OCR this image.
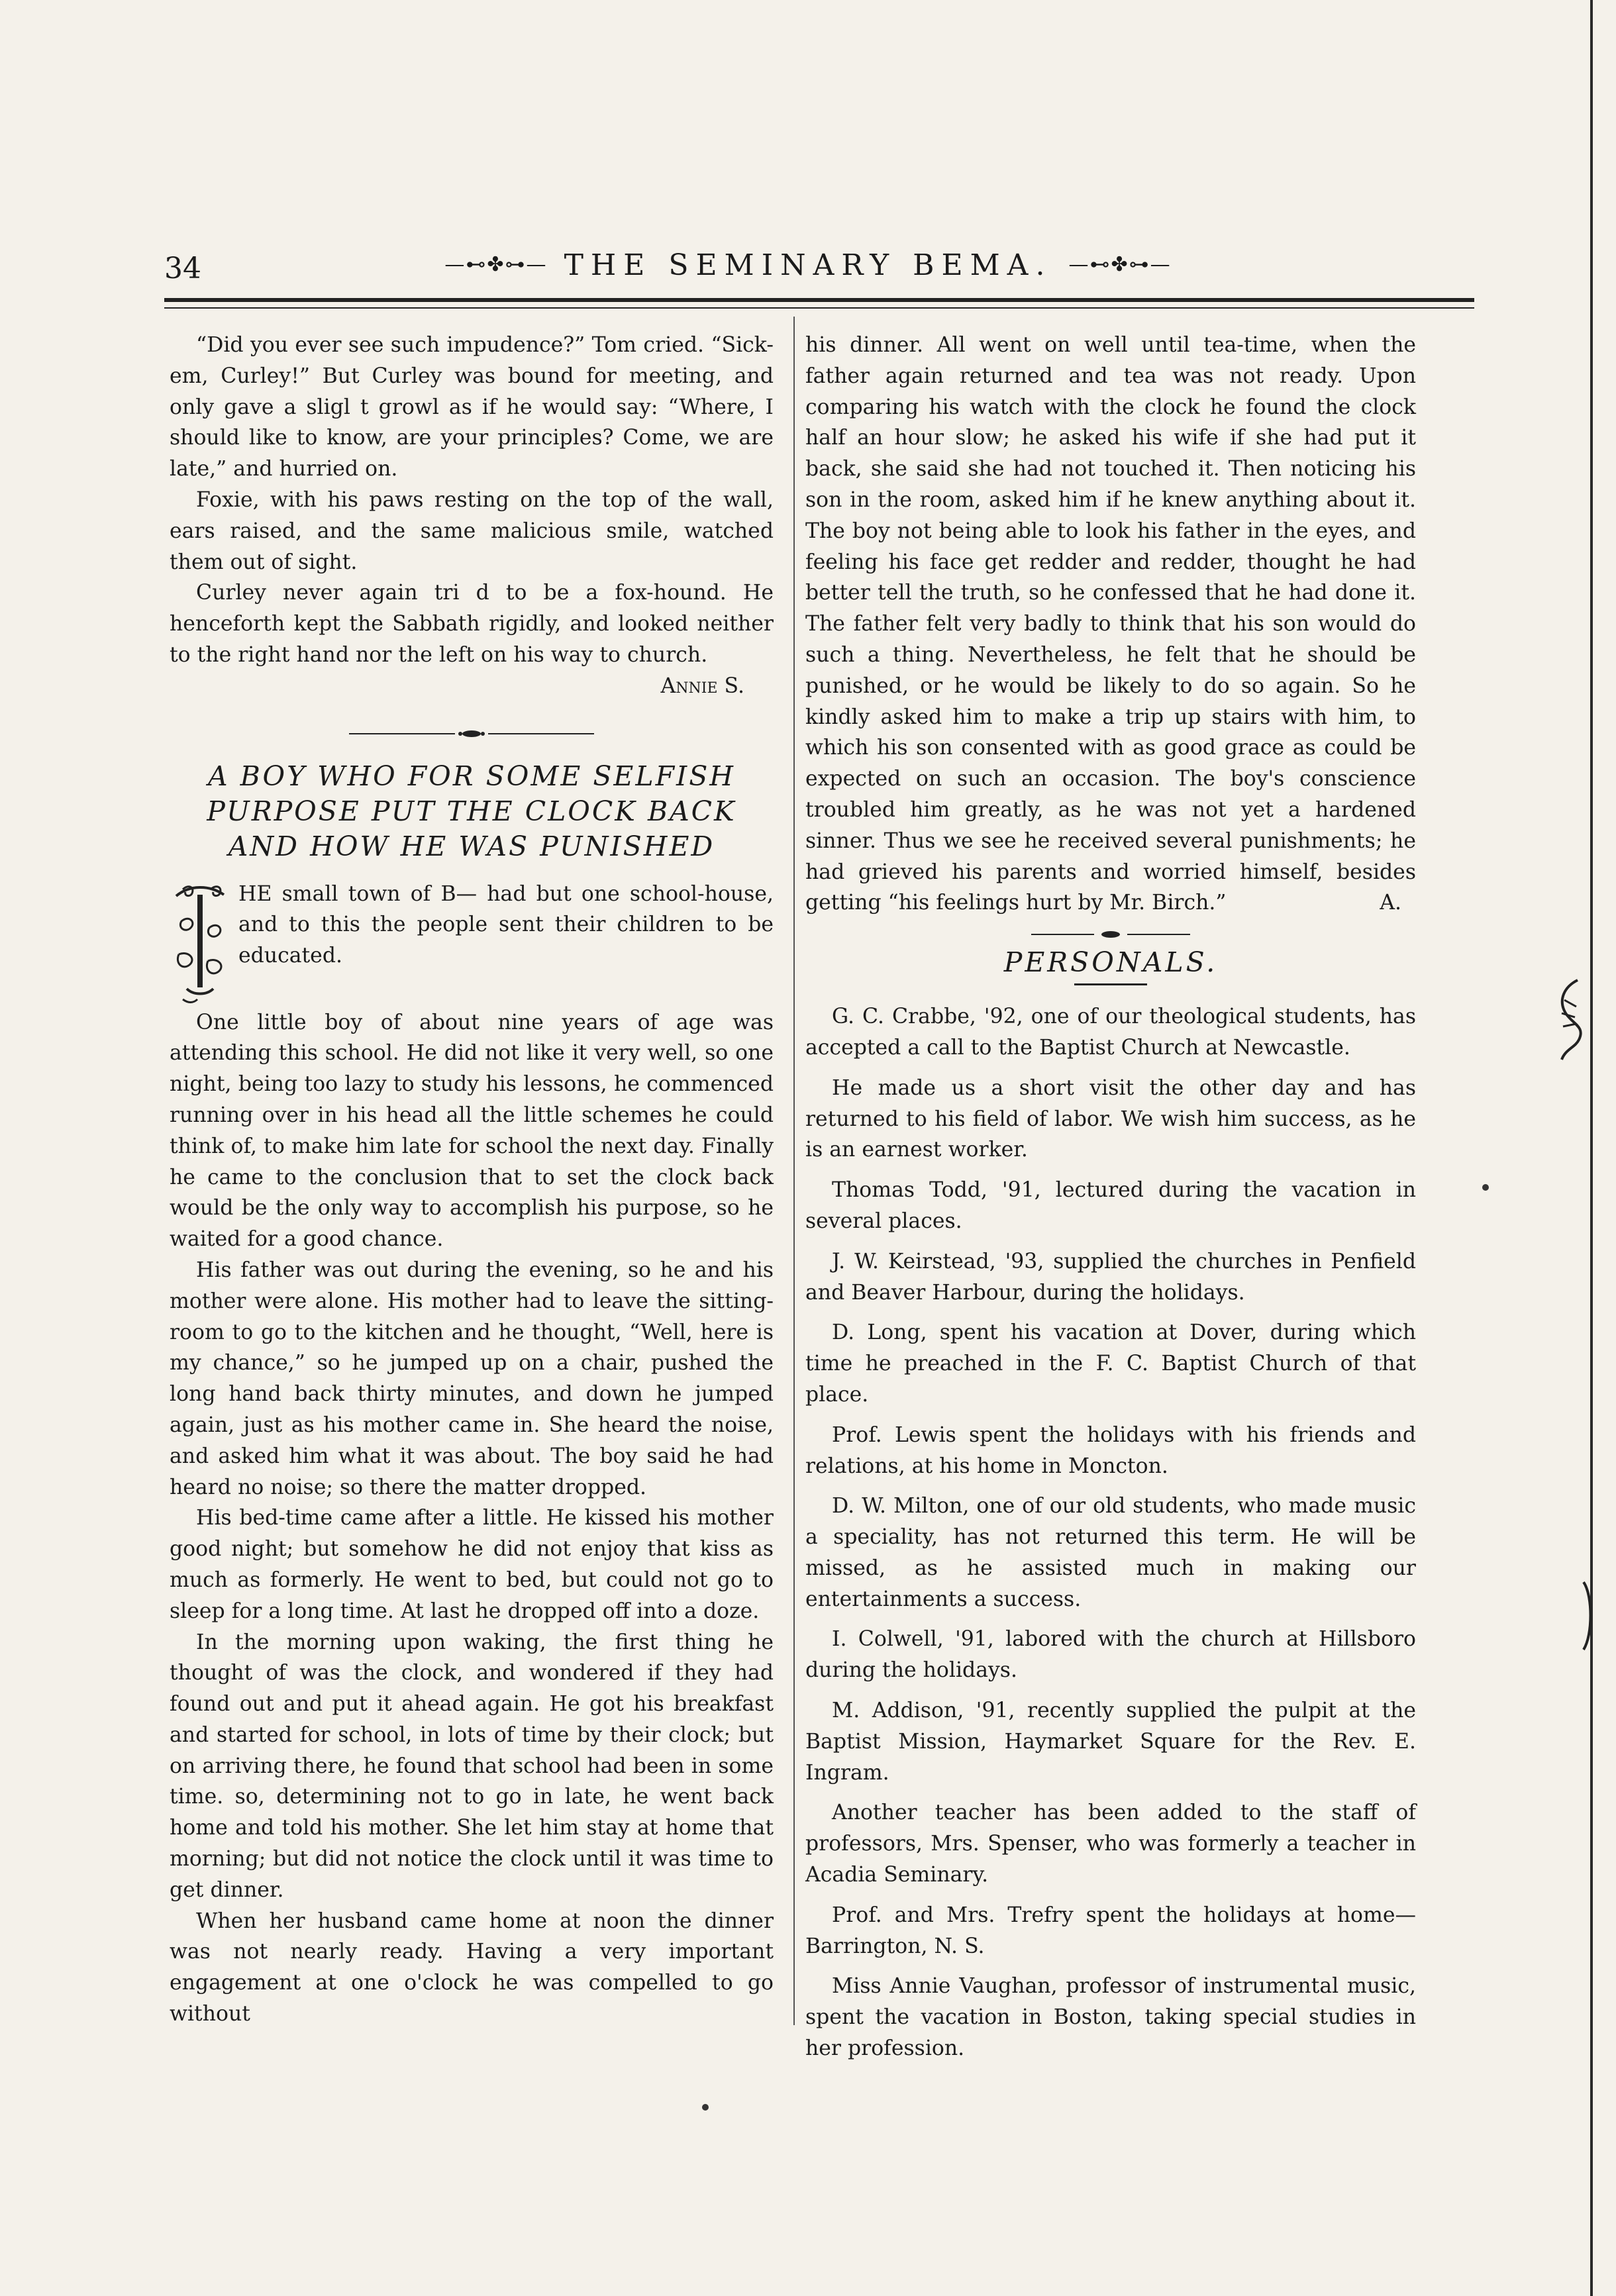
34	—⊷✤⊶— THE SEMINARY BEMA. —⊷✤⊶—

“Did you ever see such impudence?” Tom cried. “Sick-em, Curley!” But Curley was bound for meeting, and only gave a sligl t growl as if he would say: “Where, I should like to know, are your principles? Come, we are late,” and hurried on.

Foxie, with his paws resting on the top of the wall, ears raised, and the same malicious smile, watched them out of sight.

Curley never again tri d to be a fox-hound. He henceforth kept the Sabbath rigidly, and looked neither to the right hand nor the left on his way to church.

Annie S.

A BOY WHO FOR SOME SELFISH PURPOSE PUT THE CLOCK BACK AND HOW HE WAS PUNISHED

HE small town of B— had but one school-house, and to this the people sent their children to be educated.

One little boy of about nine years of age was attending this school. He did not like it very well, so one night, being too lazy to study his lessons, he commenced running over in his head all the little schemes he could think of, to make him late for school the next day. Finally he came to the conclusion that to set the clock back would be the only way to accomplish his purpose, so he waited for a good chance.

His father was out during the evening, so he and his mother were alone. His mother had to leave the sitting-room to go to the kitchen and he thought, “Well, here is my chance,” so he jumped up on a chair, pushed the long hand back thirty minutes, and down he jumped again, just as his mother came in. She heard the noise, and asked him what it was about. The boy said he had heard no noise; so there the matter dropped.

His bed-time came after a little. He kissed his mother good night; but somehow he did not enjoy that kiss as much as formerly. He went to bed, but could not go to sleep for a long time. At last he dropped off into a doze.

In the morning upon waking, the first thing he thought of was the clock, and wondered if they had found out and put it ahead again. He got his breakfast and started for school, in lots of time by their clock; but on arriving there, he found that school had been in some time. so, determining not to go in late, he went back home and told his mother. She let him stay at home that morning; but did not notice the clock until it was time to get dinner.

When her husband came home at noon the dinner was not nearly ready. Having a very important engagement at one o'clock he was compelled to go without

his dinner. All went on well until tea-time, when the father again returned and tea was not ready. Upon comparing his watch with the clock he found the clock half an hour slow; he asked his wife if she had put it back, she said she had not touched it. Then noticing his son in the room, asked him if he knew anything about it. The boy not being able to look his father in the eyes, and feeling his face get redder and redder, thought he had better tell the truth, so he confessed that he had done it. The father felt very badly to think that his son would do such a thing. Nevertheless, he felt that he should be punished, or he would be likely to do so again. So he kindly asked him to make a trip up stairs with him, to which his son consented with as good grace as could be expected on such an occasion. The boy's conscience troubled him greatly, as he was not yet a hardened sinner. Thus we see he received several punishments; he had grieved his parents and worried himself, besides getting “his feelings hurt by Mr. Birch.”	A.

PERSONALS.

G. C. Crabbe, '92, one of our theological students, has accepted a call to the Baptist Church at Newcastle.

He made us a short visit the other day and has returned to his field of labor. We wish him success, as he is an earnest worker.

Thomas Todd, '91, lectured during the vacation in several places.

J. W. Keirstead, '93, supplied the churches in Penfield and Beaver Harbour, during the holidays.

D. Long, spent his vacation at Dover, during which time he preached in the F. C. Baptist Church of that place.

Prof. Lewis spent the holidays with his friends and relations, at his home in Moncton.

D. W. Milton, one of our old students, who made music a speciality, has not returned this term. He will be missed, as he assisted much in making our entertainments a success.

I. Colwell, '91, labored with the church at Hillsboro during the holidays.

M. Addison, '91, recently supplied the pulpit at the Baptist Mission, Haymarket Square for the Rev. E. Ingram.

Another teacher has been added to the staff of professors, Mrs. Spenser, who was formerly a teacher in Acadia Seminary.

Prof. and Mrs. Trefry spent the holidays at home—Barrington, N. S.

Miss Annie Vaughan, professor of instrumental music, spent the vacation in Boston, taking special studies in her profession.
